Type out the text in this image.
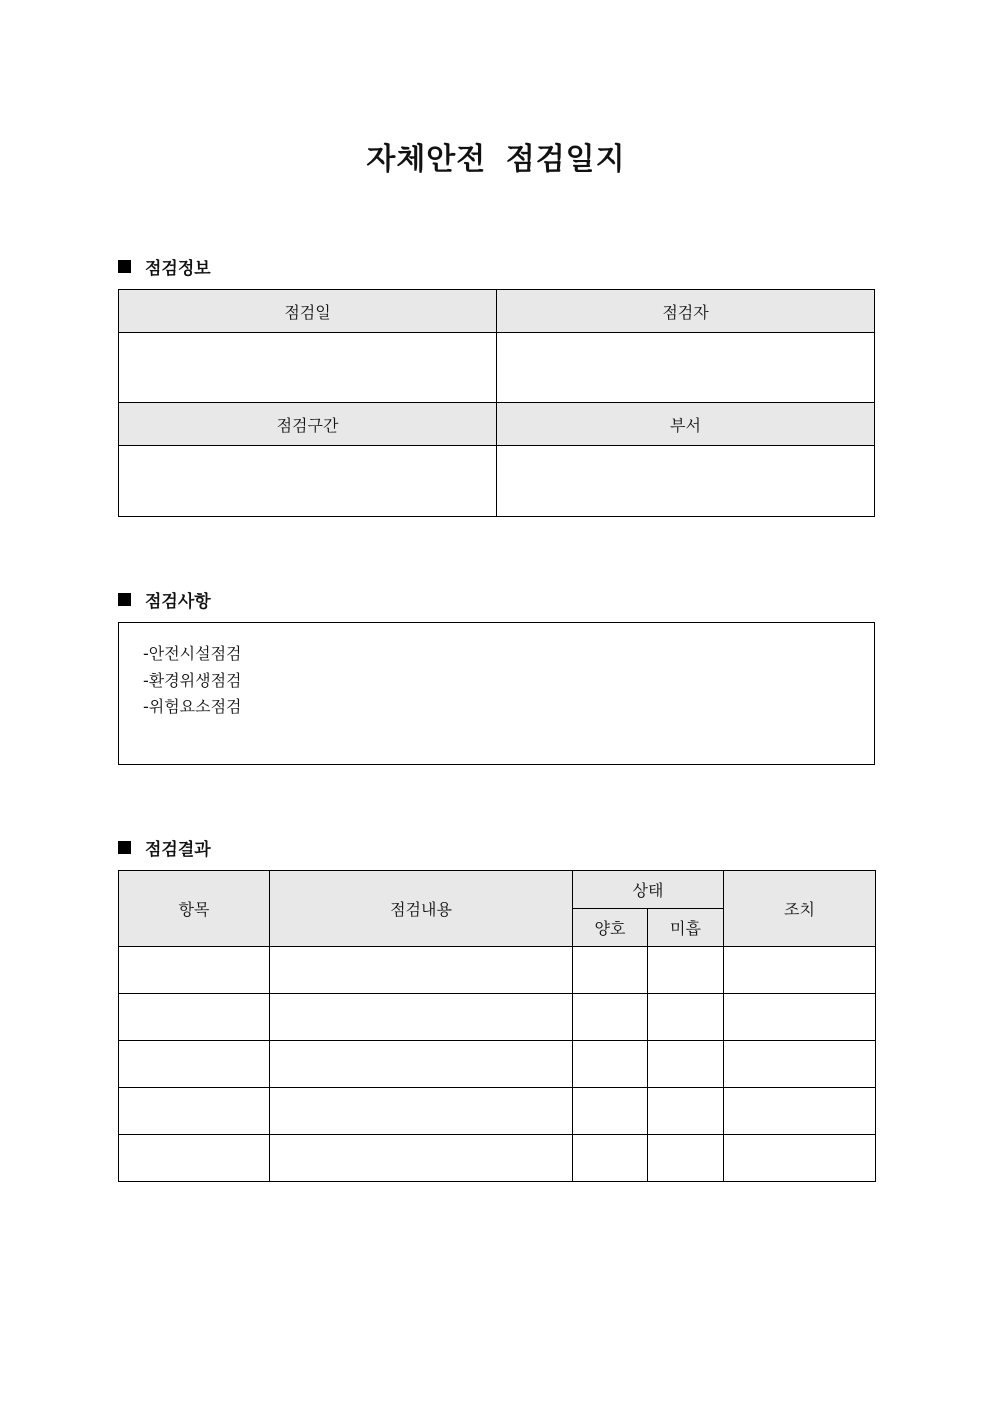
자체안전 점검일지
점검정보
점검일	점검자

점검구간	부서

점검사항
-안전시설점검
-환경위생점검
-위험요소점검
점검결과
항목	점검내용	상태		조치
		양호	미흡	
